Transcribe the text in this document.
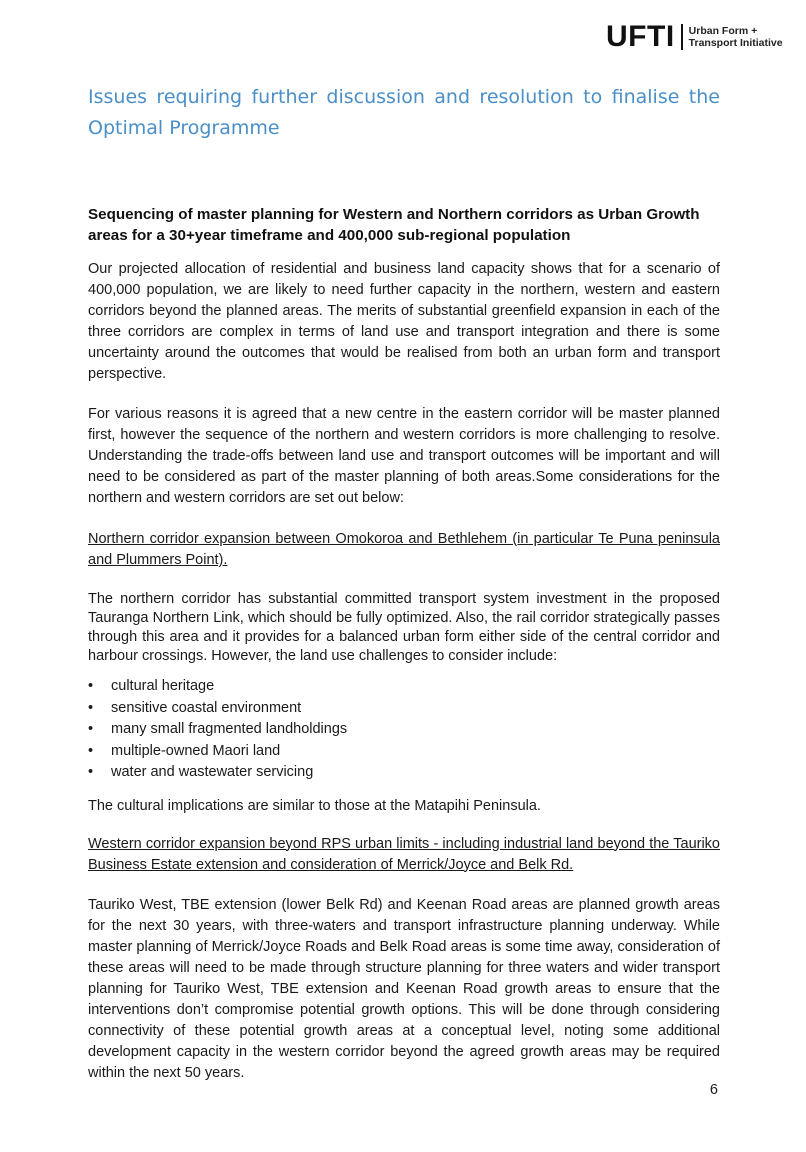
UFTI Urban Form +
Transport Initiative
Issues requiring further discussion and resolution to finalise the Optimal Programme
Sequencing of master planning for Western and Northern corridors as Urban Growth areas for a 30+year timeframe and 400,000 sub-regional population

Our projected allocation of residential and business land capacity shows that for a scenario of 400,000 population, we are likely to need further capacity in the northern, western and eastern corridors beyond the planned areas. The merits of substantial greenfield expansion in each of the three corridors are complex in terms of land use and transport integration and there is some uncertainty around the outcomes that would be realised from both an urban form and transport perspective.

For various reasons it is agreed that a new centre in the eastern corridor will be master planned first, however the sequence of the northern and western corridors is more challenging to resolve. Understanding the trade-offs between land use and transport outcomes will be important and will need to be considered as part of the master planning of both areas.Some considerations for the northern and western corridors are set out below:

Northern corridor expansion between Omokoroa and Bethlehem (in particular Te Puna peninsula and Plummers Point).

The northern corridor has substantial committed transport system investment in the proposed Tauranga Northern Link, which should be fully optimized. Also, the rail corridor strategically passes through this area and it provides for a balanced urban form either side of the central corridor and harbour crossings. However, the land use challenges to consider include:

• cultural heritage
• sensitive coastal environment
• many small fragmented landholdings
• multiple-owned Maori land
• water and wastewater servicing

The cultural implications are similar to those at the Matapihi Peninsula.

Western corridor expansion beyond RPS urban limits - including industrial land beyond the Tauriko Business Estate extension and consideration of Merrick/Joyce and Belk Rd.

Tauriko West, TBE extension (lower Belk Rd) and Keenan Road areas are planned growth areas for the next 30 years, with three-waters and transport infrastructure planning underway. While master planning of Merrick/Joyce Roads and Belk Road areas is some time away, consideration of these areas will need to be made through structure planning for three waters and wider transport planning for Tauriko West, TBE extension and Keenan Road growth areas to ensure that the interventions don’t compromise potential growth options. This will be done through considering connectivity of these potential growth areas at a conceptual level, noting some additional development capacity in the western corridor beyond the agreed growth areas may be required within the next 50 years.

6
